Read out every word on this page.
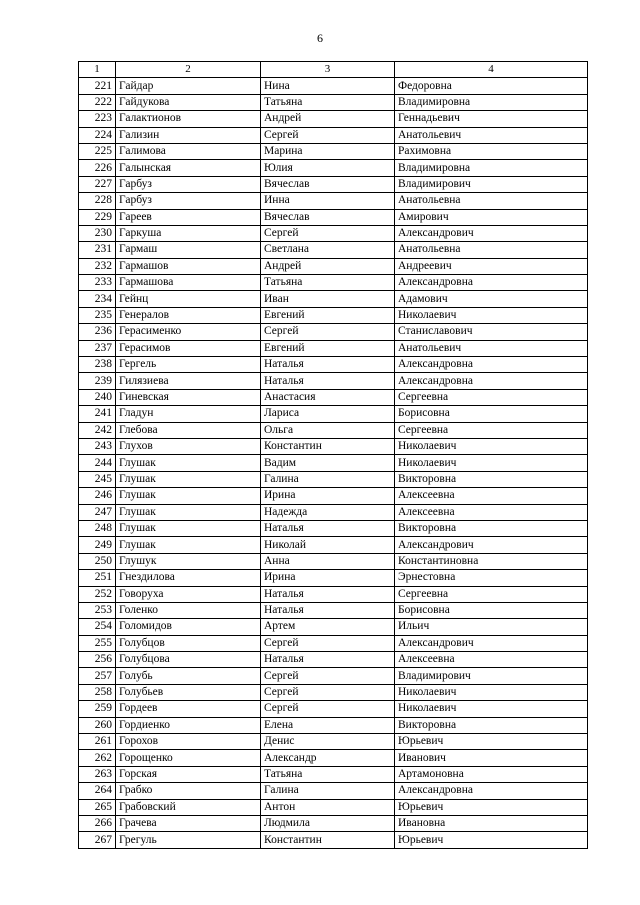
6
1	2	3	4
221	Гайдар	Нина	Федоровна
222	Гайдукова	Татьяна	Владимировна
223	Галактионов	Андрей	Геннадьевич
224	Гализин	Сергей	Анатольевич
225	Галимова	Марина	Рахимовна
226	Галынская	Юлия	Владимировна
227	Гарбуз	Вячеслав	Владимирович
228	Гарбуз	Инна	Анатольевна
229	Гареев	Вячеслав	Амирович
230	Гаркуша	Сергей	Александрович
231	Гармаш	Светлана	Анатольевна
232	Гармашов	Андрей	Андреевич
233	Гармашова	Татьяна	Александровна
234	Гейнц	Иван	Адамович
235	Генералов	Евгений	Николаевич
236	Герасименко	Сергей	Станиславович
237	Герасимов	Евгений	Анатольевич
238	Гергель	Наталья	Александровна
239	Гилязиева	Наталья	Александровна
240	Гиневская	Анастасия	Сергеевна
241	Гладун	Лариса	Борисовна
242	Глебова	Ольга	Сергеевна
243	Глухов	Константин	Николаевич
244	Глушак	Вадим	Николаевич
245	Глушак	Галина	Викторовна
246	Глушак	Ирина	Алексеевна
247	Глушак	Надежда	Алексеевна
248	Глушак	Наталья	Викторовна
249	Глушак	Николай	Александрович
250	Глушук	Анна	Константиновна
251	Гнездилова	Ирина	Эрнестовна
252	Говоруха	Наталья	Сергеевна
253	Голенко	Наталья	Борисовна
254	Голомидов	Артем	Ильич
255	Голубцов	Сергей	Александрович
256	Голубцова	Наталья	Алексеевна
257	Голубь	Сергей	Владимирович
258	Голубьев	Сергей	Николаевич
259	Гордеев	Сергей	Николаевич
260	Гордиенко	Елена	Викторовна
261	Горохов	Денис	Юрьевич
262	Горощенко	Александр	Иванович
263	Горская	Татьяна	Артамоновна
264	Грабко	Галина	Александровна
265	Грабовский	Антон	Юрьевич
266	Грачева	Людмила	Ивановна
267	Грегуль	Константин	Юрьевич
